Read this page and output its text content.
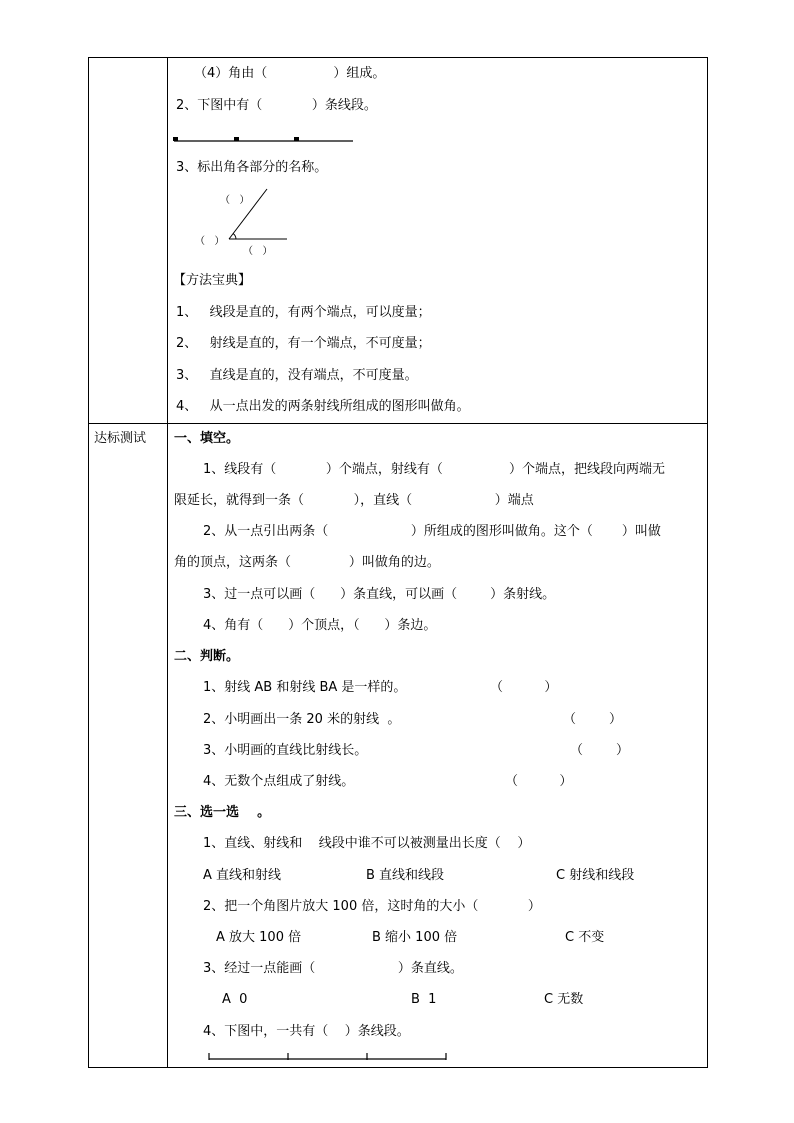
（4）角由（                ）组成。
2、下图中有（            ）条线段。
3、标出角各部分的名称。
（   ）
（   ）
（   ）
【方法宝典】
1、   线段是直的，有两个端点，可以度量；
2、   射线是直的，有一个端点，不可度量；
3、   直线是直的，没有端点，不可度量。
4、   从一点出发的两条射线所组成的图形叫做角。
达标测试 一、填空。
1、线段有（            ）个端点，射线有（                ）个端点，把线段向两端无
限延长，就得到一条（            ），直线（                    ）端点
2、从一点引出两条（                    ）所组成的图形叫做角。这个（       ）叫做
角的顶点，这两条（              ）叫做角的边。
3、过一点可以画（      ）条直线，可以画（        ）条射线。
4、角有（      ）个顶点，（      ）条边。
二、判断。
1、射线 AB 和射线 BA 是一样的。	（          ）
2、小明画出一条 20 米的射线  。	（        ）
3、小明画的直线比射线长。	（        ）
4、无数个点组成了射线。	（          ）
三、选一选    。
1、直线、射线和    线段中谁不可以被测量出长度（    ）
A 直线和射线	B 直线和线段	C 射线和线段
2、把一个角图片放大 100 倍，这时角的大小（            ）
A 放大 100 倍	B 缩小 100 倍	C 不变
3、经过一点能画（                    ）条直线。
A  0	B  1	C 无数
4、下图中，一共有（    ）条线段。
